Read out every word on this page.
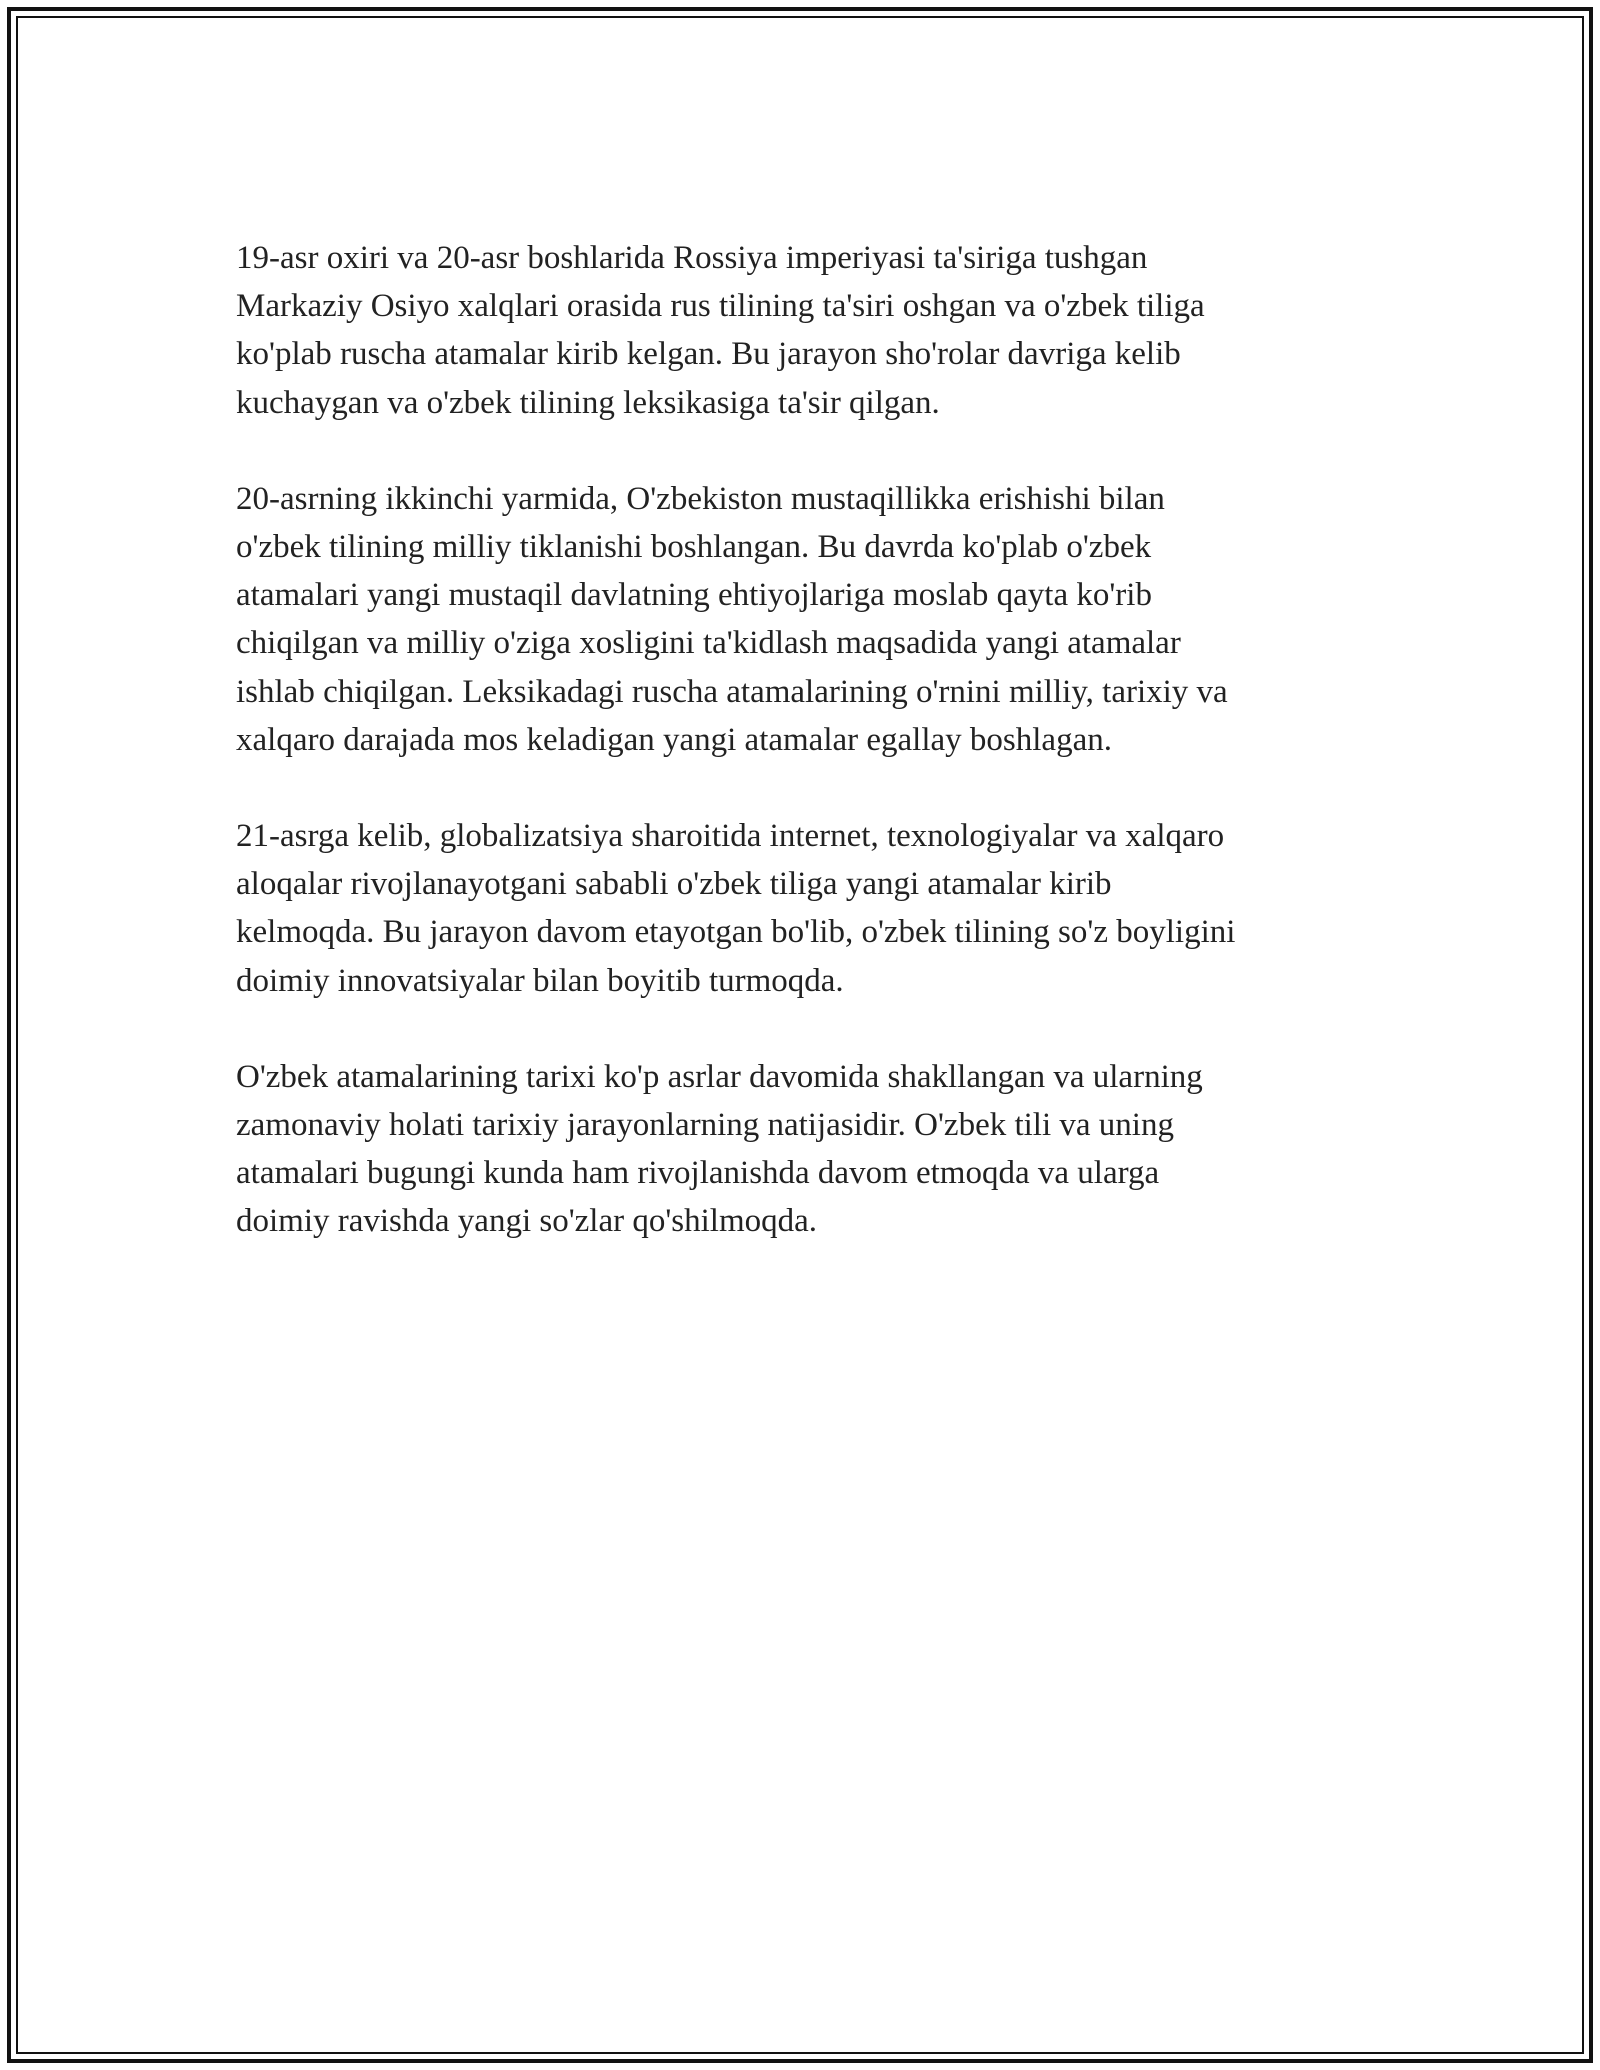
19-asr oxiri va 20-asr boshlarida Rossiya imperiyasi ta'siriga tushgan
Markaziy Osiyo xalqlari orasida rus tilining ta'siri oshgan va o'zbek tiliga
ko'plab ruscha atamalar kirib kelgan. Bu jarayon sho'rolar davriga kelib
kuchaygan va o'zbek tilining leksikasiga ta'sir qilgan.

20-asrning ikkinchi yarmida, O'zbekiston mustaqillikka erishishi bilan
o'zbek tilining milliy tiklanishi boshlangan. Bu davrda ko'plab o'zbek
atamalari yangi mustaqil davlatning ehtiyojlariga moslab qayta ko'rib
chiqilgan va milliy o'ziga xosligini ta'kidlash maqsadida yangi atamalar
ishlab chiqilgan. Leksikadagi ruscha atamalarining o'rnini milliy, tarixiy va
xalqaro darajada mos keladigan yangi atamalar egallay boshlagan.

21-asrga kelib, globalizatsiya sharoitida internet, texnologiyalar va xalqaro
aloqalar rivojlanayotgani sababli o'zbek tiliga yangi atamalar kirib
kelmoqda. Bu jarayon davom etayotgan bo'lib, o'zbek tilining so'z boyligini
doimiy innovatsiyalar bilan boyitib turmoqda.

O'zbek atamalarining tarixi ko'p asrlar davomida shakllangan va ularning
zamonaviy holati tarixiy jarayonlarning natijasidir. O'zbek tili va uning
atamalari bugungi kunda ham rivojlanishda davom etmoqda va ularga
doimiy ravishda yangi so'zlar qo'shilmoqda.
